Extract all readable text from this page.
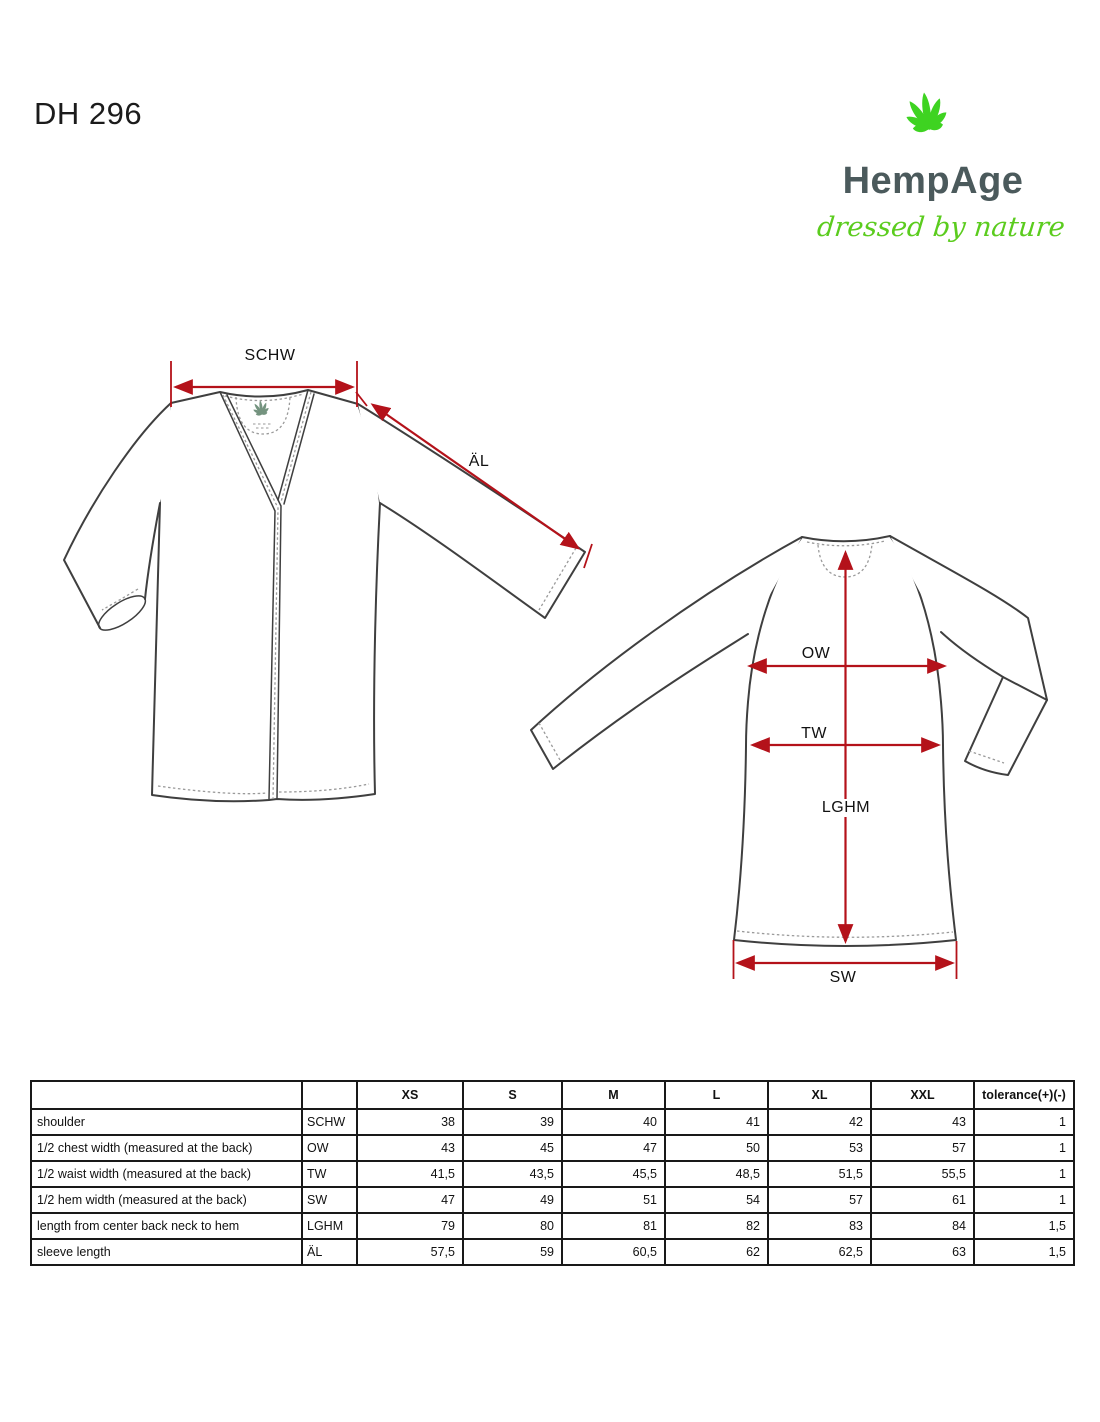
DH 296
HempAge
dressed by nature
SCHW
ÄL
OW
TW
LGHM
SW
		XS	S	M	L	XL	XXL	tolerance(+)(-)
shoulder	SCHW	38	39	40	41	42	43	1
1/2 chest width (measured at the back)	OW	43	45	47	50	53	57	1
1/2 waist width (measured at the back)	TW	41,5	43,5	45,5	48,5	51,5	55,5	1
1/2 hem width (measured at the back)	SW	47	49	51	54	57	61	1
length from center back neck to hem	LGHM	79	80	81	82	83	84	1,5
sleeve length	ÄL	57,5	59	60,5	62	62,5	63	1,5
